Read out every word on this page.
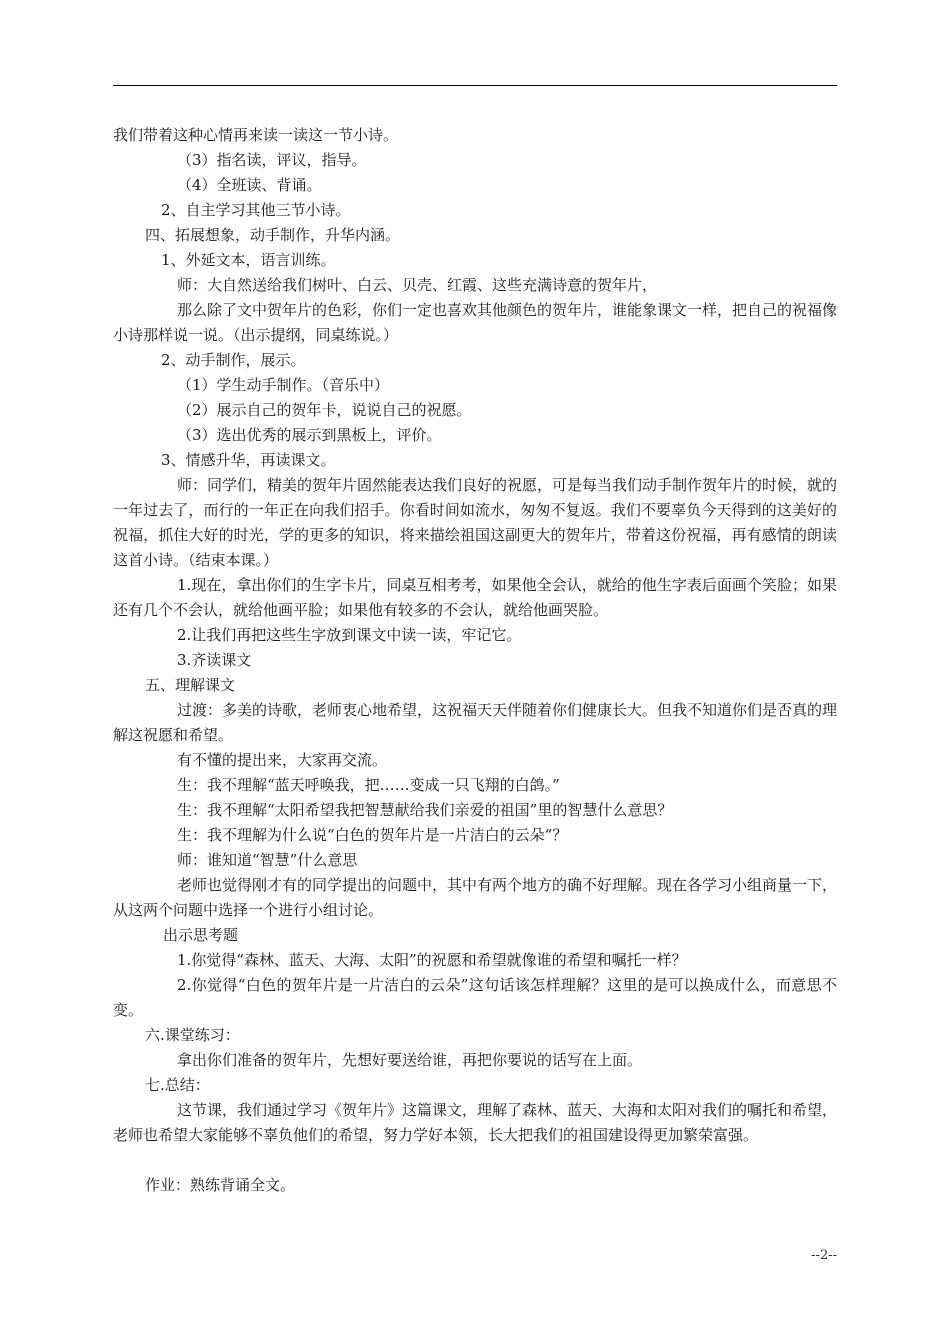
我们带着这种心情再来读一读这一节小诗。

（3）指名读，评议，指导。

（4）全班读、背诵。

2、自主学习其他三节小诗。

四、拓展想象，动手制作，升华内涵。

1、外延文本，语言训练。

师：大自然送给我们树叶、白云、贝壳、红霞、这些充满诗意的贺年片，

那么除了文中贺年片的色彩，你们一定也喜欢其他颜色的贺年片，谁能象课文一样，把自己的祝福像小诗那样说一说。（出示提纲，同桌练说。）

2、动手制作，展示。

（1）学生动手制作。（音乐中）

（2）展示自己的贺年卡，说说自己的祝愿。

（3）选出优秀的展示到黑板上，评价。

3、情感升华，再读课文。

师：同学们，精美的贺年片固然能表达我们良好的祝愿，可是每当我们动手制作贺年片的时候，就的一年过去了，而行的一年正在向我们招手。你看时间如流水，匆匆不复返。我们不要辜负今天得到的这美好的祝福，抓住大好的时光，学的更多的知识，将来描绘祖国这副更大的贺年片，带着这份祝福，再有感情的朗读这首小诗。（结束本课。）

1.现在，拿出你们的生字卡片，同桌互相考考，如果他全会认，就给的他生字表后面画个笑脸；如果还有几个不会认，就给他画平脸；如果他有较多的不会认，就给他画哭脸。

2.让我们再把这些生字放到课文中读一读，牢记它。

3.齐读课文

五、理解课文

过渡：多美的诗歌，老师衷心地希望，这祝福天天伴随着你们健康长大。但我不知道你们是否真的理解这祝愿和希望。

有不懂的提出来，大家再交流。

生：我不理解“蓝天呼唤我，把……变成一只飞翔的白鸽。”

生：我不理解“太阳希望我把智慧献给我们亲爱的祖国”里的智慧什么意思？

生：我不理解为什么说“白色的贺年片是一片洁白的云朵“？

师：谁知道“智慧”什么意思

老师也觉得刚才有的同学提出的问题中，其中有两个地方的确不好理解。现在各学习小组商量一下，从这两个问题中选择一个进行小组讨论。

出示思考题

1.你觉得“森林、蓝天、大海、太阳”的祝愿和希望就像谁的希望和嘱托一样？

2.你觉得“白色的贺年片是一片洁白的云朵”这句话该怎样理解？这里的是可以换成什么，而意思不变。

六.课堂练习：

拿出你们准备的贺年片，先想好要送给谁，再把你要说的话写在上面。

七.总结：

这节课，我们通过学习《贺年片》这篇课文，理解了森林、蓝天、大海和太阳对我们的嘱托和希望，老师也希望大家能够不辜负他们的希望，努力学好本领，长大把我们的祖国建设得更加繁荣富强。

作业：熟练背诵全文。

--2--
